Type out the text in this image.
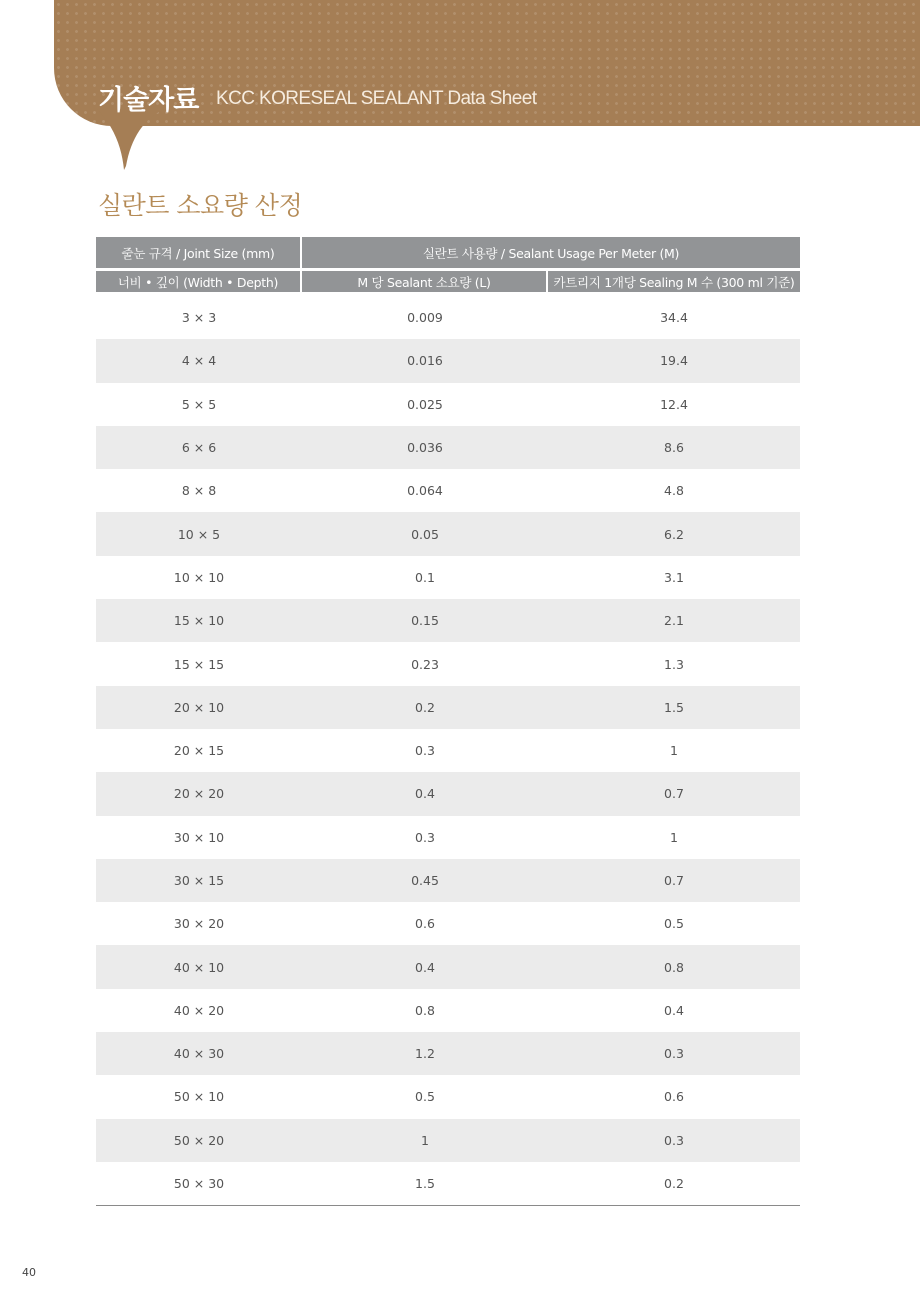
기술자료 KCC KORESEAL SEALANT Data Sheet
실란트 소요량 산정
줄눈 규격 / Joint Size (mm)	실란트 사용량 / Sealant Usage Per Meter (M)
너비 • 깊이 (Width • Depth)	M 당 Sealant 소요량 (L)	카트리지 1개당 Sealing M 수 (300 ml 기준)
3 × 3	0.009	34.4
4 × 4	0.016	19.4
5 × 5	0.025	12.4
6 × 6	0.036	8.6
8 × 8	0.064	4.8
10 × 5	0.05	6.2
10 × 10	0.1	3.1
15 × 10	0.15	2.1
15 × 15	0.23	1.3
20 × 10	0.2	1.5
20 × 15	0.3	1
20 × 20	0.4	0.7
30 × 10	0.3	1
30 × 15	0.45	0.7
30 × 20	0.6	0.5
40 × 10	0.4	0.8
40 × 20	0.8	0.4
40 × 30	1.2	0.3
50 × 10	0.5	0.6
50 × 20	1	0.3
50 × 30	1.5	0.2
40
